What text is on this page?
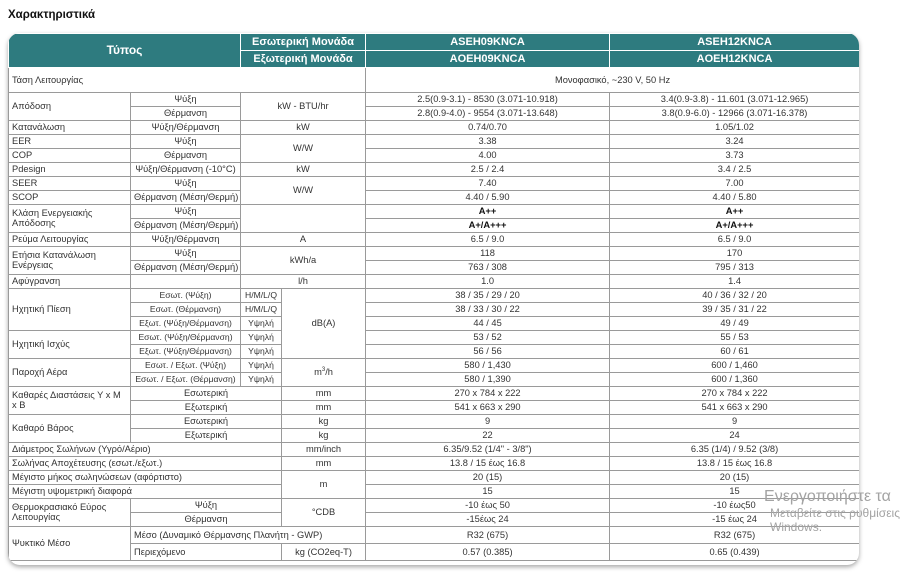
Χαρακτηριστικά
Τύπος		Εσωτερική Μονάδα		ASEH09KNCA	ASEH12KNCA
		Εξωτερική Μονάδα		AOEH09KNCA	AOEH12KNCA
Τάση Λειτουργίας				Μονοφασικό, ~230 V, 50 Hz	
Απόδοση	Ψύξη	kW - BTU/hr		2.5(0.9-3.1) - 8530 (3.071-10.918)	3.4(0.9-3.8) - 11.601 (3.071-12.965)
	Θέρμανση			2.8(0.9-4.0) - 9554 (3.071-13.648)	3.8(0.9-6.0) - 12966 (3.071-16.378)
Κατανάλωση	Ψύξη/Θέρμανση	kW		0.74/0.70	1.05/1.02
EER	Ψύξη	W/W		3.38	3.24
COP	Θέρμανση			4.00	3.73
Pdesign	Ψύξη/Θέρμανση (-10°C)	kW		2.5 / 2.4	3.4 / 2.5
SEER	Ψύξη	W/W		7.40	7.00
SCOP	Θέρμανση (Μέση/Θερμή)			4.40 / 5.90	4.40 / 5.80
Κλάση Ενεργειακής Απόδοσης	Ψύξη			A++	A++
	Θέρμανση (Μέση/Θερμή)			A+/A+++	A+/A+++
Ρεύμα Λειτουργίας	Ψύξη/Θέρμανση	A		6.5 / 9.0	6.5 / 9.0
Ετήσια Κατανάλωση Ενέργειας	Ψύξη	kWh/a		118	170
	Θέρμανση (Μέση/Θερμή)			763 / 308	795 / 313
Αφύγρανση		l/h		1.0	1.4
Ηχητική Πίεση	Εσωτ. (Ψύξη)	H/M/L/Q	dB(A)	38 / 35 / 29 / 20	40 / 36 / 32 / 20
	Εσωτ. (Θέρμανση)	H/M/L/Q		38 / 33 / 30 / 22	39 / 35 / 31 / 22
	Εξωτ. (Ψύξη/Θέρμανση)	Υψηλή		44 / 45	49 / 49
Ηχητική Ισχύς	Εσωτ. (Ψύξη/Θέρμανση)	Υψηλή		53 / 52	55 / 53
	Εξωτ. (Ψύξη/Θέρμανση)	Υψηλή		56 / 56	60 / 61
Παροχή Αέρα	Εσωτ. / Εξωτ. (Ψύξη)	Υψηλή	$m^3/h$	580 / 1,430	600 / 1,460
	Εσωτ. / Εξωτ. (Θέρμανση)	Υψηλή		580 / 1,390	600 / 1,360
Καθαρές Διαστάσεις Υ x Μ x Β	Εσωτερική		mm	270 x 784 x 222	270 x 784 x 222
	Εξωτερική		mm	541 x 663 x 290	541 x 663 x 290
Καθαρό Βάρος	Εσωτερική		kg	9	9
	Εξωτερική		kg	22	24
Διάμετρος Σωλήνων (Υγρό/Αέριο)			mm/inch	6.35/9.52 (1/4" - 3/8")	6.35 (1/4) / 9.52 (3/8)
Σωλήνας Αποχέτευσης (εσωτ./εξωτ.)			mm	13.8 / 15 έως 16.8	13.8 / 15 έως 16.8
Μέγιστο μήκος σωληνώσεων (αφόρτιστο)			m	20 (15)	20 (15)
Μέγιστη υψομετρική διαφορά				15	15
Θερμοκρασιακό Εύρος Λειτουργίας	Ψύξη		°CDB	-10 έως 50	-10 έως50
	Θέρμανση			-15έως 24	-15 έως 24
Ψυκτικό Μέσο	Μέσο (Δυναμικό Θέρμανσης Πλανήτη - GWP)			R32 (675)	R32 (675)
	Περιεχόμενο		kg (CO2eq-T)	0.57 (0.385)	0.65 (0.439)
Ενεργοποιήστε τα
Μεταβείτε στις ρυθμίσεις
Windows.
